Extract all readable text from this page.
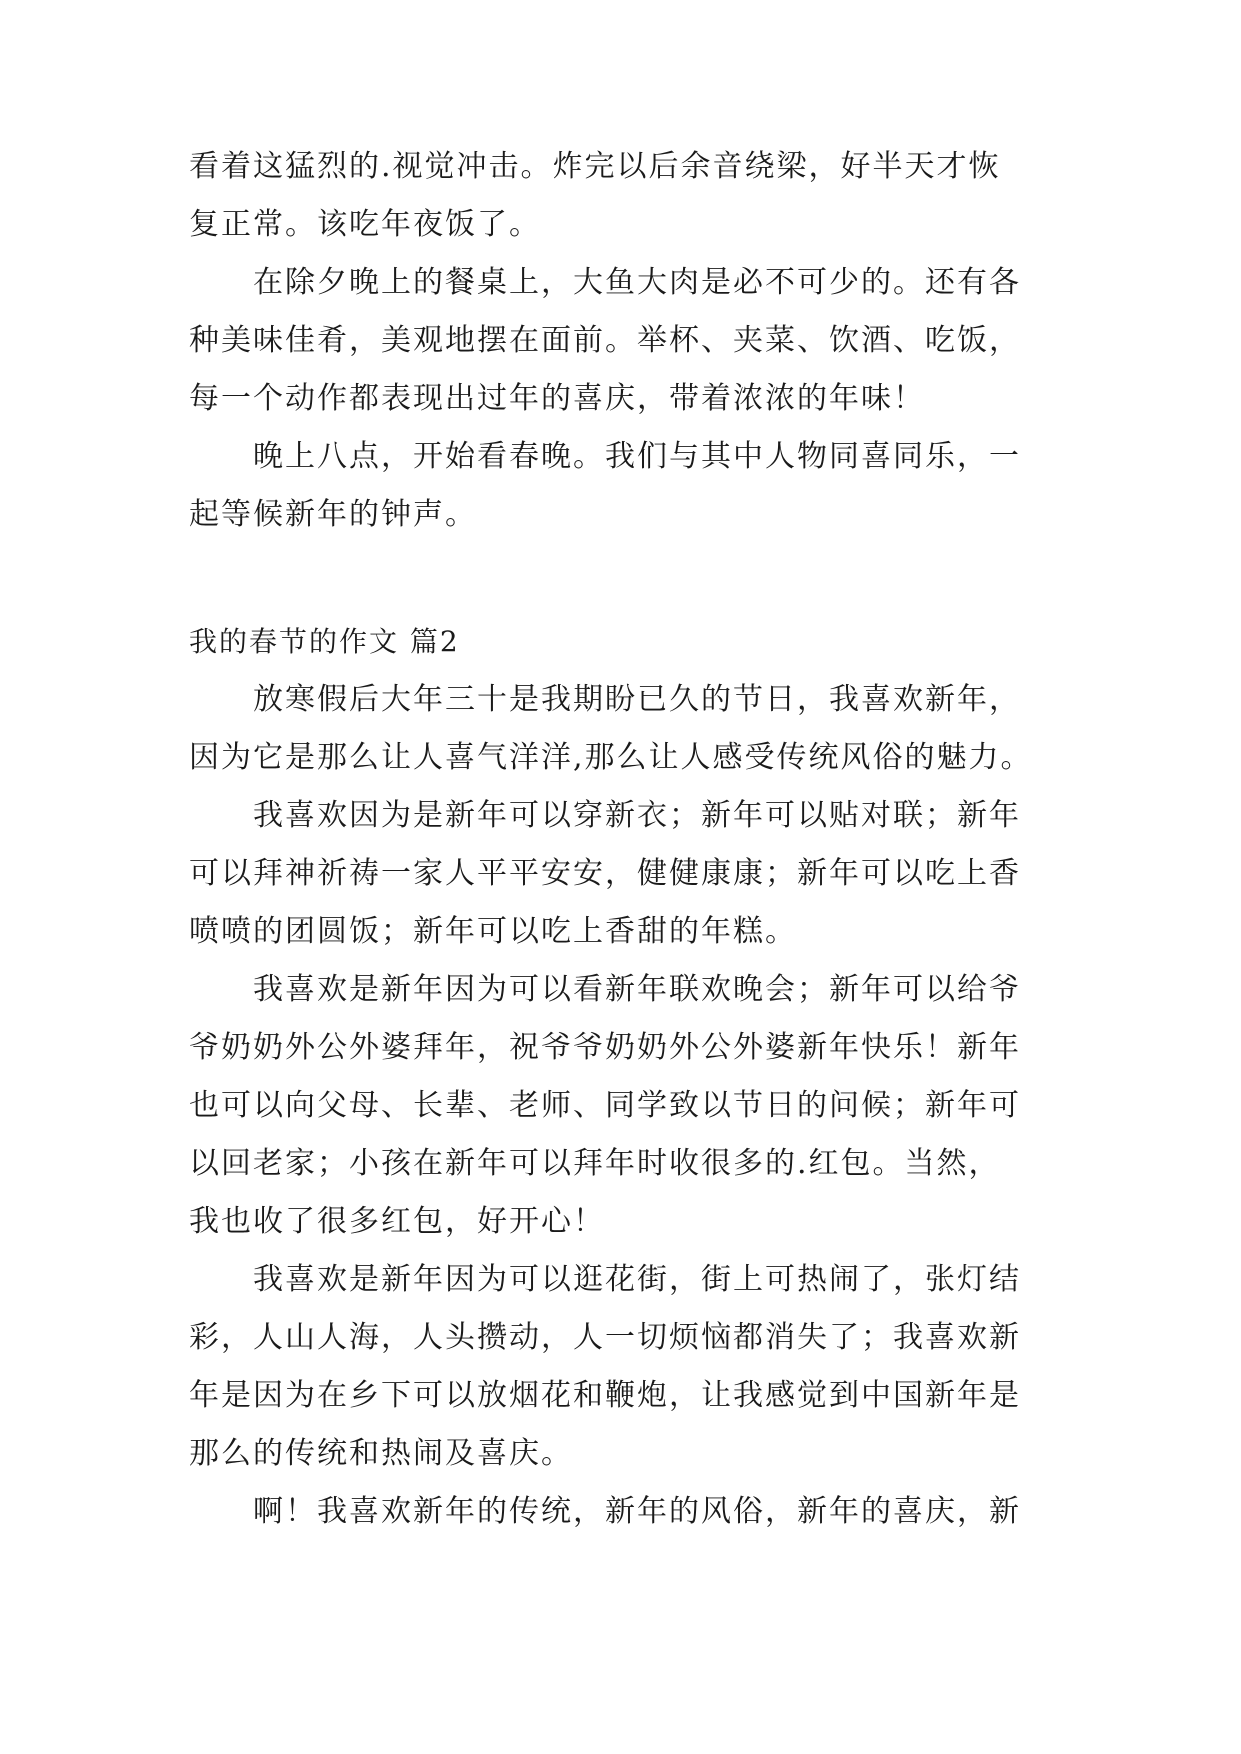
看着这猛烈的.视觉冲击。炸完以后余音绕梁，好半天才恢
复正常。该吃年夜饭了。
在除夕晚上的餐桌上，大鱼大肉是必不可少的。还有各
种美味佳肴，美观地摆在面前。举杯、夹菜、饮酒、吃饭，
每一个动作都表现出过年的喜庆，带着浓浓的年味！
晚上八点，开始看春晚。我们与其中人物同喜同乐，一
起等候新年的钟声。
我的春节的作文 篇2
放寒假后大年三十是我期盼已久的节日，我喜欢新年，
因为它是那么让人喜气洋洋,那么让人感受传统风俗的魅力。
我喜欢因为是新年可以穿新衣；新年可以贴对联；新年
可以拜神祈祷一家人平平安安，健健康康；新年可以吃上香
喷喷的团圆饭；新年可以吃上香甜的年糕。
我喜欢是新年因为可以看新年联欢晚会；新年可以给爷
爷奶奶外公外婆拜年，祝爷爷奶奶外公外婆新年快乐！新年
也可以向父母、长辈、老师、同学致以节日的问候；新年可
以回老家；小孩在新年可以拜年时收很多的.红包。当然，
我也收了很多红包，好开心！
我喜欢是新年因为可以逛花街，街上可热闹了，张灯结
彩，人山人海，人头攒动，人一切烦恼都消失了；我喜欢新
年是因为在乡下可以放烟花和鞭炮，让我感觉到中国新年是
那么的传统和热闹及喜庆。
啊！我喜欢新年的传统，新年的风俗，新年的喜庆，新
